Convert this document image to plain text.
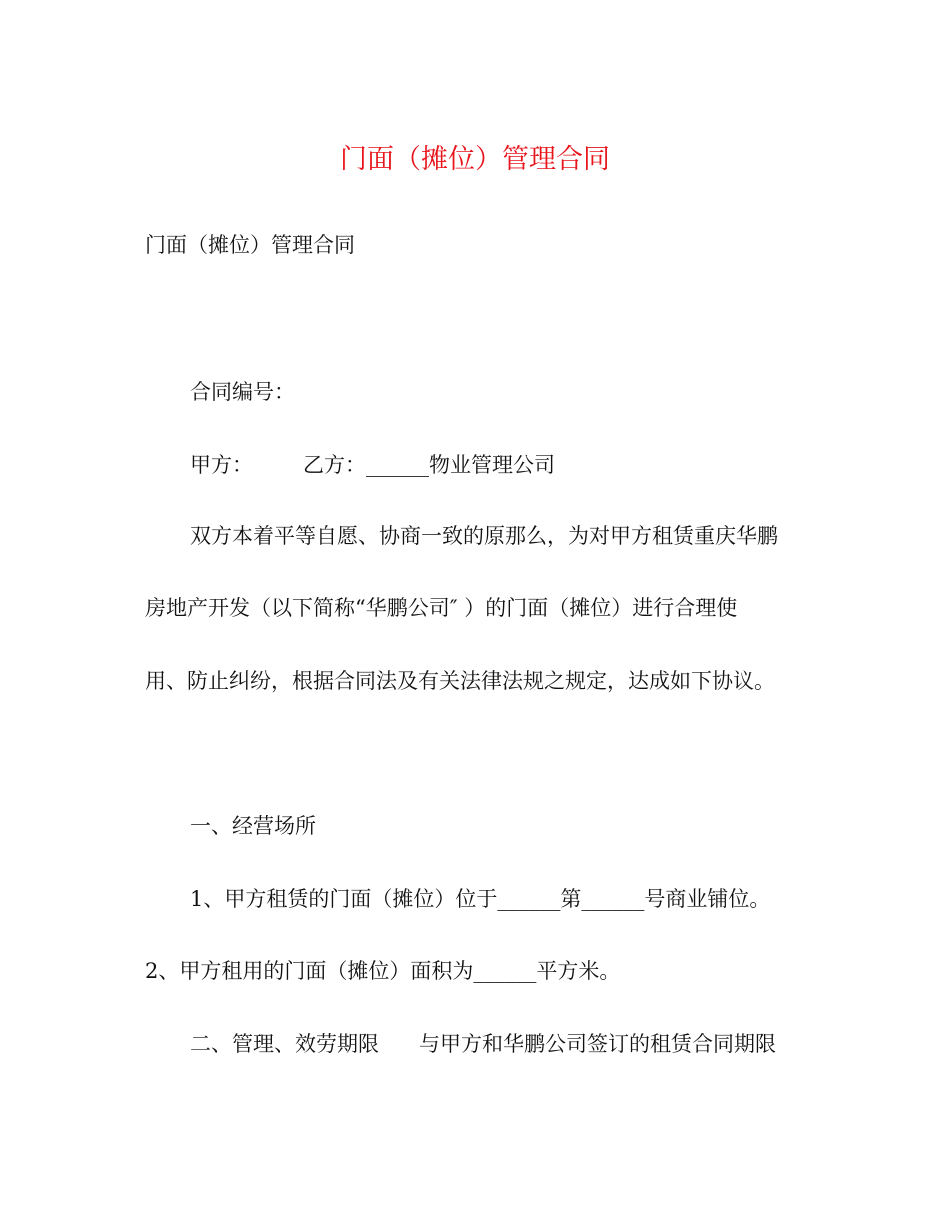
门面（摊位）管理合同
门面（摊位）管理合同
合同编号：
甲方： 乙方：______物业管理公司
双方本着平等自愿、协商一致的原那么，为对甲方租赁重庆华鹏
房地产开发（以下简称“华鹏公司″ ）的门面（摊位）进行合理使
用、防止纠纷，根据合同法及有关法律法规之规定，达成如下协议。
一、经营场所
1、甲方租赁的门面（摊位）位于______第______号商业铺位。
2、甲方租用的门面（摊位）面积为______平方米。
二、管理、效劳期限 与甲方和华鹏公司签订的租赁合同期限
